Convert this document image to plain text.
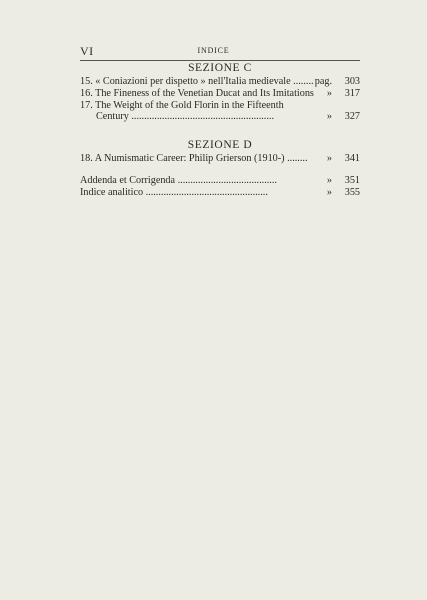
VI	INDICE

SEZIONE C
15. « Coniazioni per dispetto » nell'Italia medievale ........ pag. 303
16. The Fineness of the Venetian Ducat and Its Imitations » 317
17. The Weight of the Gold Florin in the Fifteenth
Century ........................................................	» 327
SEZIONE D
18. A Numismatic Career: Philip Grierson (1910-) ........ » 341
Addenda et Corrigenda .......................................	» 351
Indice analitico ................................................	» 355
